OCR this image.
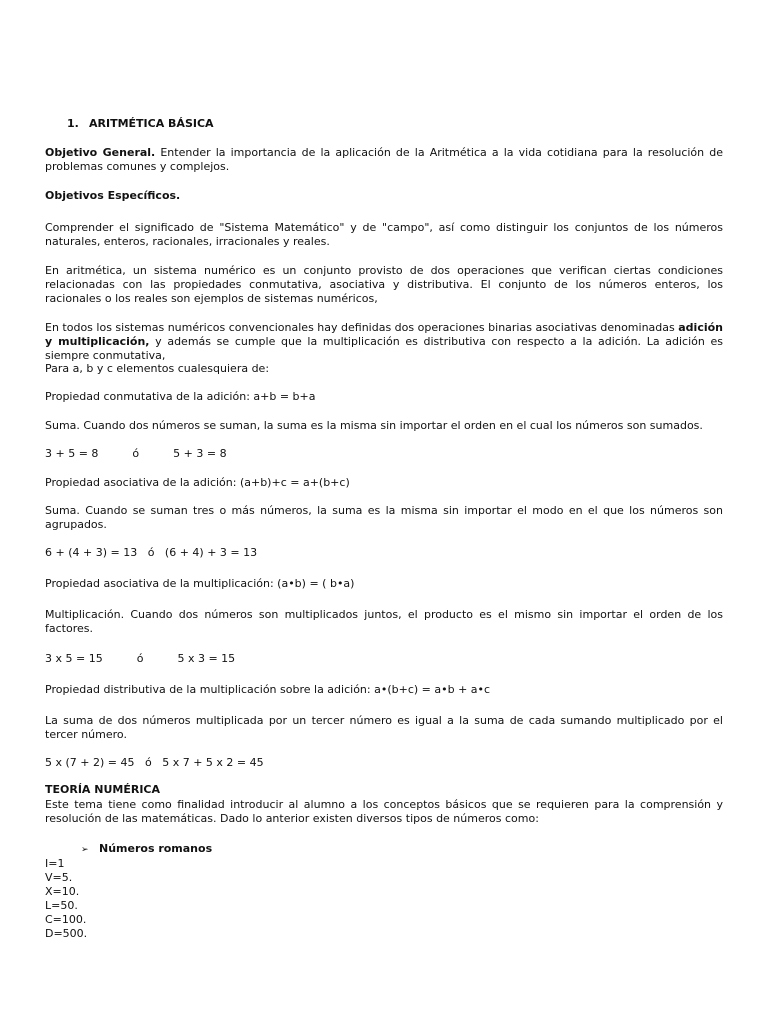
1. ARITMÉTICA BÁSICA

Objetivo General. Entender la importancia de la aplicación de la Aritmética a la vida cotidiana para la resolución de problemas comunes y complejos.

Objetivos Específicos.

Comprender el significado de "Sistema Matemático" y de "campo", así como distinguir los conjuntos de los números naturales, enteros, racionales, irracionales y reales.

En aritmética, un sistema numérico es un conjunto provisto de dos operaciones que verifican ciertas condiciones relacionadas con las propiedades conmutativa, asociativa y distributiva. El conjunto de los números enteros, los racionales o los reales son ejemplos de sistemas numéricos,

En todos los sistemas numéricos convencionales hay definidas dos operaciones binarias asociativas denominadas adición y multiplicación, y además se cumple que la multiplicación es distributiva con respecto a la adición. La adición es siempre conmutativa,

Para a, b y c elementos cualesquiera de:
Propiedad conmutativa de la adición: a+b = b+a

Suma. Cuando dos números se suman, la suma es la misma sin importar el orden en el cual los números son sumados.

3 + 5 = 8	ó	5 + 3 = 8
Propiedad asociativa de la adición: (a+b)+c = a+(b+c)

Suma. Cuando se suman tres o más números, la suma es la misma sin importar el modo en el que los números son agrupados.

6 + (4 + 3) = 13   ó   (6 + 4) + 3 = 13
Propiedad asociativa de la multiplicación: (a•b) = ( b•a)

Multiplicación. Cuando dos números son multiplicados juntos, el producto es el mismo sin importar el orden de los factores.

3 x 5 = 15	ó	5 x 3 = 15
Propiedad distributiva de la multiplicación sobre la adición: a•(b+c) = a•b + a•c

La suma de dos números multiplicada por un tercer número es igual a la suma de cada sumando multiplicado por el tercer número.

5 x (7 + 2) = 45   ó   5 x 7 + 5 x 2 = 45
TEORÍA NUMÉRICA

Este tema tiene como finalidad introducir al alumno a los conceptos básicos que se requieren para la comprensión y resolución de las matemáticas. Dado lo anterior existen diversos tipos de números como:

➢ Números romanos
I=1
V=5.
X=10.
L=50.
C=100.
D=500.
